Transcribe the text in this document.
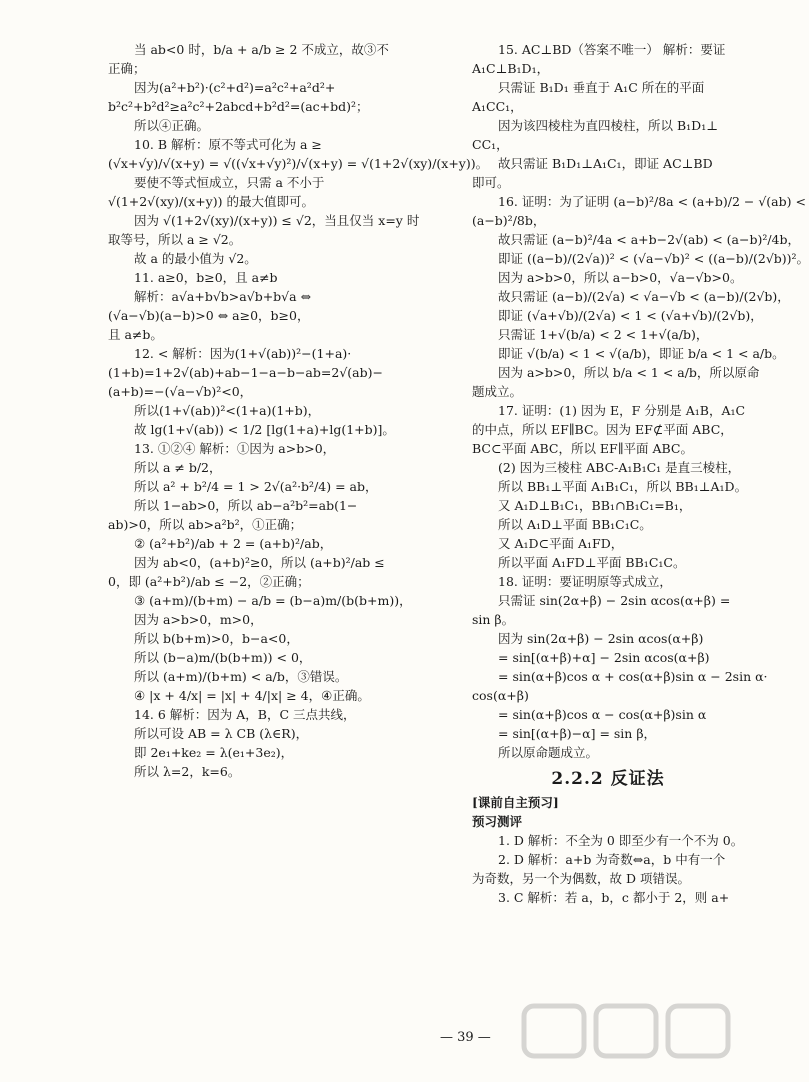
当 ab<0 时，b/a + a/b ≥ 2 不成立，故③不
正确；
因为(a²+b²)·(c²+d²)=a²c²+a²d²+
b²c²+b²d²≥a²c²+2abcd+b²d²=(ac+bd)²；
所以④正确。
10. B 解析：原不等式可化为 a ≥
(√x+√y)/√(x+y) = √((√x+√y)²)/√(x+y) = √(1+2√(xy)/(x+y))。
要使不等式恒成立，只需 a 不小于
√(1+2√(xy)/(x+y)) 的最大值即可。
因为 √(1+2√(xy)/(x+y)) ≤ √2，当且仅当 x=y 时
取等号，所以 a ≥ √2。
故 a 的最小值为 √2。
11. a≥0，b≥0，且 a≠b
解析：a√a+b√b>a√b+b√a ⇔
(√a−√b)(a−b)>0 ⇔ a≥0，b≥0，
且 a≠b。
12. < 解析：因为(1+√(ab))²−(1+a)·
(1+b)=1+2√(ab)+ab−1−a−b−ab=2√(ab)−
(a+b)=−(√a−√b)²<0，
所以(1+√(ab))²<(1+a)(1+b)，
故 lg(1+√(ab)) < 1/2 [lg(1+a)+lg(1+b)]。
13. ①②④ 解析：①因为 a>b>0，
所以 a ≠ b/2，
所以 a² + b²/4 = 1 > 2√(a²·b²/4) = ab，
所以 1−ab>0，所以 ab−a²b²=ab(1−
ab)>0，所以 ab>a²b²，①正确；
② (a²+b²)/ab + 2 = (a+b)²/ab，
因为 ab<0，(a+b)²≥0，所以 (a+b)²/ab ≤
0，即 (a²+b²)/ab ≤ −2，②正确；
③ (a+m)/(b+m) − a/b = (b−a)m/(b(b+m))，
因为 a>b>0，m>0，
所以 b(b+m)>0，b−a<0，
所以 (b−a)m/(b(b+m)) < 0，
所以 (a+m)/(b+m) < a/b，③错误。
④ |x + 4/x| = |x| + 4/|x| ≥ 4，④正确。
14. 6 解析：因为 A，B，C 三点共线，
所以可设 AB = λ CB (λ∈R)，
即 2e₁+ke₂ = λ(e₁+3e₂)，
所以 λ=2，k=6。
15. AC⊥BD（答案不唯一） 解析：要证
A₁C⊥B₁D₁，
只需证 B₁D₁ 垂直于 A₁C 所在的平面
A₁CC₁，
因为该四棱柱为直四棱柱，所以 B₁D₁⊥
CC₁，
故只需证 B₁D₁⊥A₁C₁，即证 AC⊥BD
即可。
16. 证明：为了证明 (a−b)²/8a < (a+b)/2 − √(ab) <
(a−b)²/8b，
故只需证 (a−b)²/4a < a+b−2√(ab) < (a−b)²/4b，
即证 ((a−b)/(2√a))² < (√a−√b)² < ((a−b)/(2√b))²。
因为 a>b>0，所以 a−b>0，√a−√b>0。
故只需证 (a−b)/(2√a) < √a−√b < (a−b)/(2√b)，
即证 (√a+√b)/(2√a) < 1 < (√a+√b)/(2√b)，
只需证 1+√(b/a) < 2 < 1+√(a/b)，
即证 √(b/a) < 1 < √(a/b)，即证 b/a < 1 < a/b。
因为 a>b>0，所以 b/a < 1 < a/b，所以原命
题成立。
17. 证明：(1) 因为 E，F 分别是 A₁B，A₁C
的中点，所以 EF∥BC。因为 EF⊄平面 ABC，
BC⊂平面 ABC，所以 EF∥平面 ABC。
(2) 因为三棱柱 ABC-A₁B₁C₁ 是直三棱柱，
所以 BB₁⊥平面 A₁B₁C₁，所以 BB₁⊥A₁D。
又 A₁D⊥B₁C₁，BB₁∩B₁C₁=B₁，
所以 A₁D⊥平面 BB₁C₁C。
又 A₁D⊂平面 A₁FD，
所以平面 A₁FD⊥平面 BB₁C₁C。
18. 证明：要证明原等式成立，
只需证 sin(2α+β) − 2sin αcos(α+β) =
sin β。
因为 sin(2α+β) − 2sin αcos(α+β)
= sin[(α+β)+α] − 2sin αcos(α+β)
= sin(α+β)cos α + cos(α+β)sin α − 2sin α·
cos(α+β)
= sin(α+β)cos α − cos(α+β)sin α
= sin[(α+β)−α] = sin β，
所以原命题成立。
2.2.2 反证法
[课前自主预习]
预习测评
1. D 解析：不全为 0 即至少有一个不为 0。
2. D 解析：a+b 为奇数⇔a，b 中有一个
为奇数，另一个为偶数，故 D 项错误。
3. C 解析：若 a，b，c 都小于 2，则 a+
— 39 —
